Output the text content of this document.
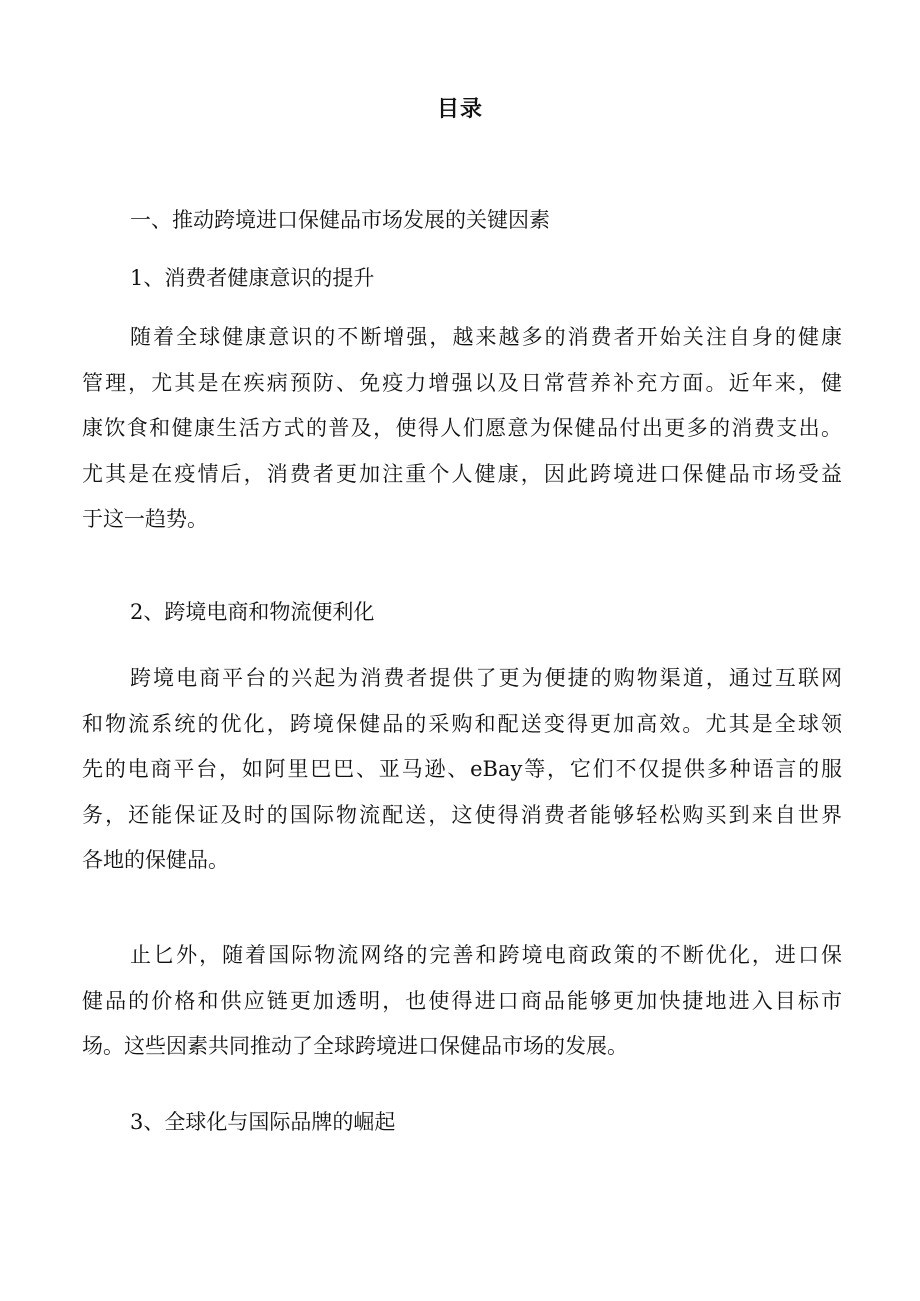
目录
一、推动跨境进口保健品市场发展的关键因素
1、消费者健康意识的提升
随着全球健康意识的不断增强，越来越多的消费者开始关注自身的健康
管理，尤其是在疾病预防、免疫力增强以及日常营养补充方面。近年来，健
康饮食和健康生活方式的普及，使得人们愿意为保健品付出更多的消费支出。
尤其是在疫情后，消费者更加注重个人健康，因此跨境进口保健品市场受益
于这一趋势。
2、跨境电商和物流便利化
跨境电商平台的兴起为消费者提供了更为便捷的购物渠道，通过互联网
和物流系统的优化，跨境保健品的采购和配送变得更加高效。尤其是全球领
先的电商平台，如阿里巴巴、亚马逊、eBay等，它们不仅提供多种语言的服
务，还能保证及时的国际物流配送，这使得消费者能够轻松购买到来自世界
各地的保健品。
止匕外，随着国际物流网络的完善和跨境电商政策的不断优化，进口保
健品的价格和供应链更加透明，也使得进口商品能够更加快捷地进入目标市
场。这些因素共同推动了全球跨境进口保健品市场的发展。
3、全球化与国际品牌的崛起
